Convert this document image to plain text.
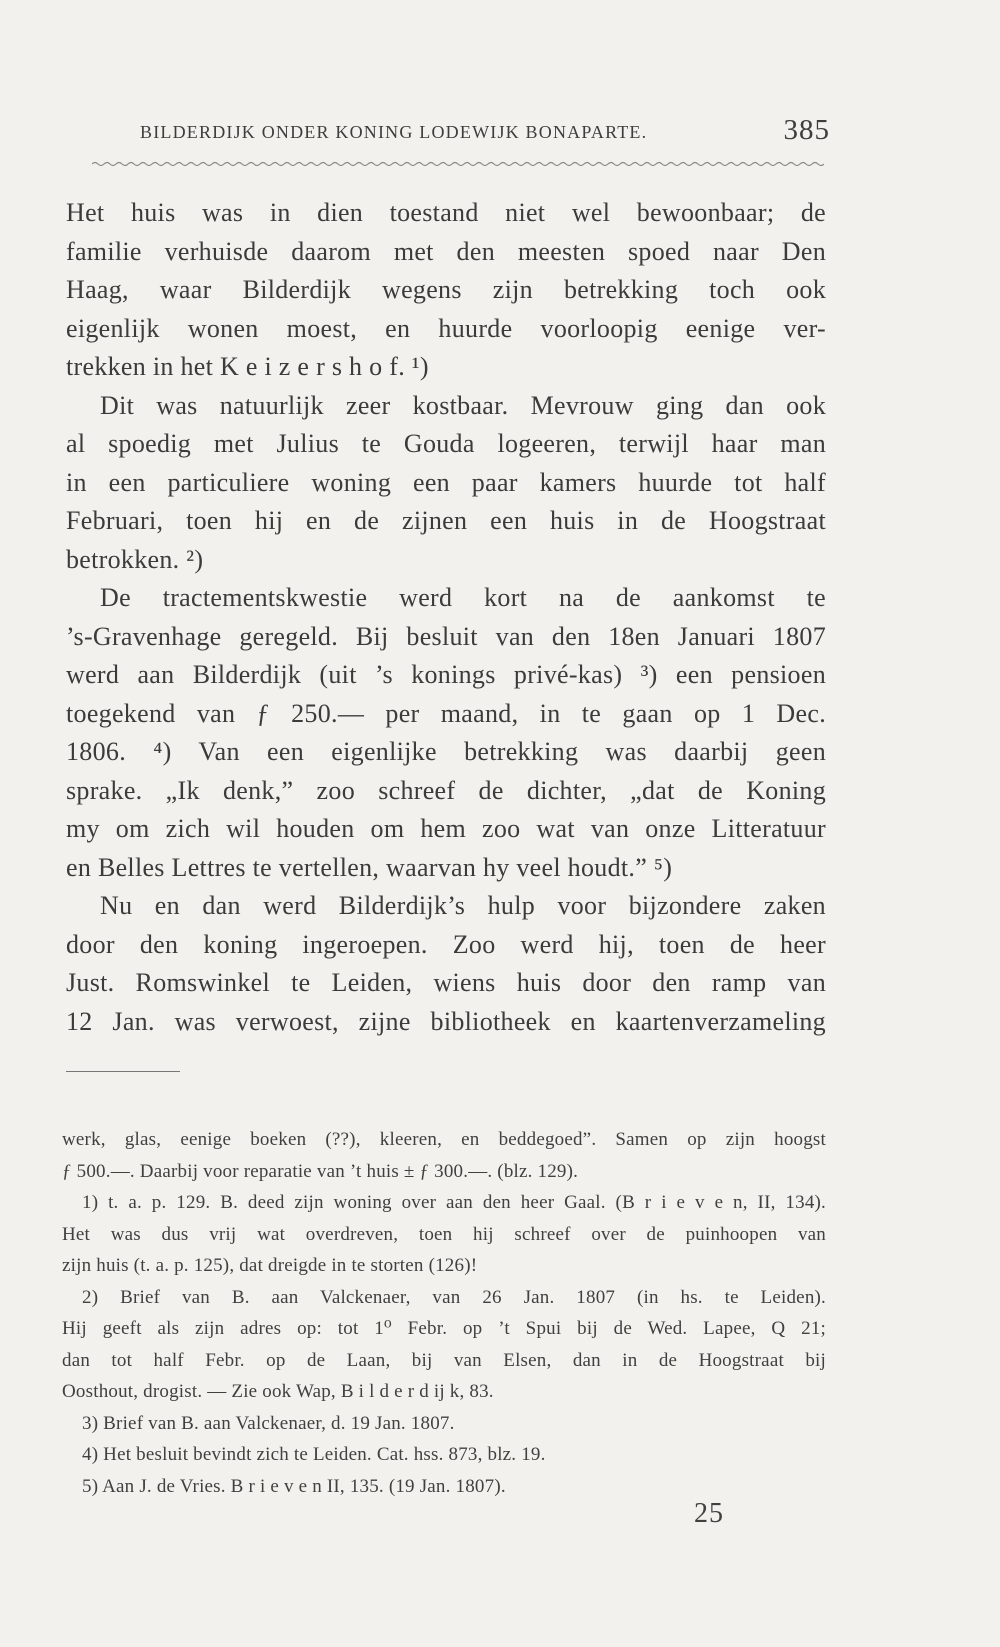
BILDERDIJK ONDER KONING LODEWIJK BONAPARTE.	385
Het huis was in dien toestand niet wel bewoonbaar; de
familie verhuisde daarom met den meesten spoed naar Den
Haag, waar Bilderdijk wegens zijn betrekking toch ook
eigenlijk wonen moest, en huurde voorloopig eenige ver-
trekken in het K e i z e r s h o f. ¹)
Dit was natuurlijk zeer kostbaar. Mevrouw ging dan ook
al spoedig met Julius te Gouda logeeren, terwijl haar man
in een particuliere woning een paar kamers huurde tot half
Februari, toen hij en de zijnen een huis in de Hoogstraat
betrokken. ²)
De tractementskwestie werd kort na de aankomst te
’s-Gravenhage geregeld. Bij besluit van den 18en Januari 1807
werd aan Bilderdijk (uit ’s konings privé-kas) ³) een pensioen
toegekend van ƒ 250.— per maand, in te gaan op 1 Dec.
1806. ⁴) Van een eigenlijke betrekking was daarbij geen
sprake. „Ik denk,” zoo schreef de dichter, „dat de Koning
my om zich wil houden om hem zoo wat van onze Litteratuur
en Belles Lettres te vertellen, waarvan hy veel houdt.” ⁵)
Nu en dan werd Bilderdijk’s hulp voor bijzondere zaken
door den koning ingeroepen. Zoo werd hij, toen de heer
Just. Romswinkel te Leiden, wiens huis door den ramp van
12 Jan. was verwoest, zijne bibliotheek en kaartenverzameling
werk, glas, eenige boeken (??), kleeren, en beddegoed”. Samen op zijn hoogst
ƒ 500.—. Daarbij voor reparatie van ’t huis ± ƒ 300.—. (blz. 129).
1) t. a. p. 129. B. deed zijn woning over aan den heer Gaal. (B r i e v e n, II, 134).
Het was dus vrij wat overdreven, toen hij schreef over de puinhoopen van
zijn huis (t. a. p. 125), dat dreigde in te storten (126)!
2) Brief van B. aan Valckenaer, van 26 Jan. 1807 (in hs. te Leiden).
Hij geeft als zijn adres op: tot 1⁰ Febr. op ’t Spui bij de Wed. Lapee, Q 21;
dan tot half Febr. op de Laan, bij van Elsen, dan in de Hoogstraat bij
Oosthout, drogist. — Zie ook Wap, B i l d e r d ij k, 83.
3) Brief van B. aan Valckenaer, d. 19 Jan. 1807.
4) Het besluit bevindt zich te Leiden. Cat. hss. 873, blz. 19.
5) Aan J. de Vries. B r i e v e n II, 135. (19 Jan. 1807).
25
